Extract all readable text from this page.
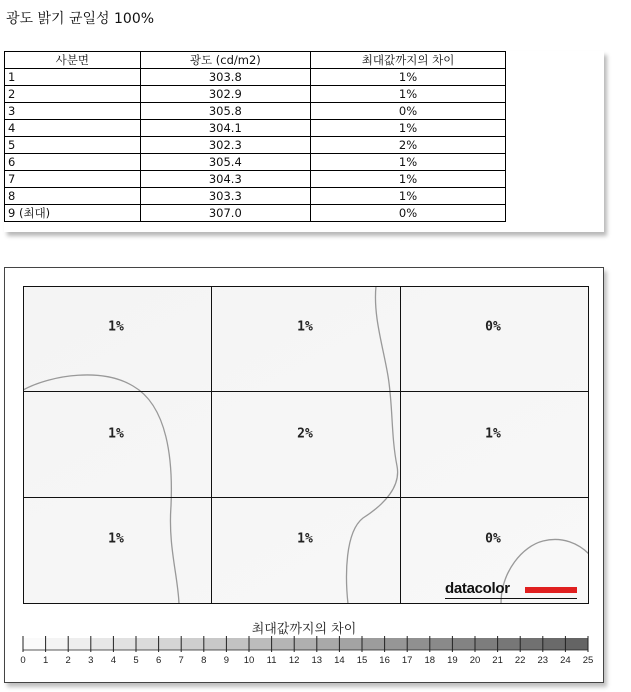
광도 밝기 균일성 100%
사분면	광도 (cd/m2)	최대값까지의 차이
1	303.8	1%
2	302.9	1%
3	305.8	0%
4	304.1	1%
5	302.3	2%
6	305.4	1%
7	304.3	1%
8	303.3	1%
9 (최대)	307.0	0%
1%	1%	0%
1%	2%	1%
1%	1%	0%
datacolor
최대값까지의 차이
0 1 2 3 4 5 6 7 8 9 10 11 12 13 14 15 16 17 18 19 20 21 22 23 24 25
